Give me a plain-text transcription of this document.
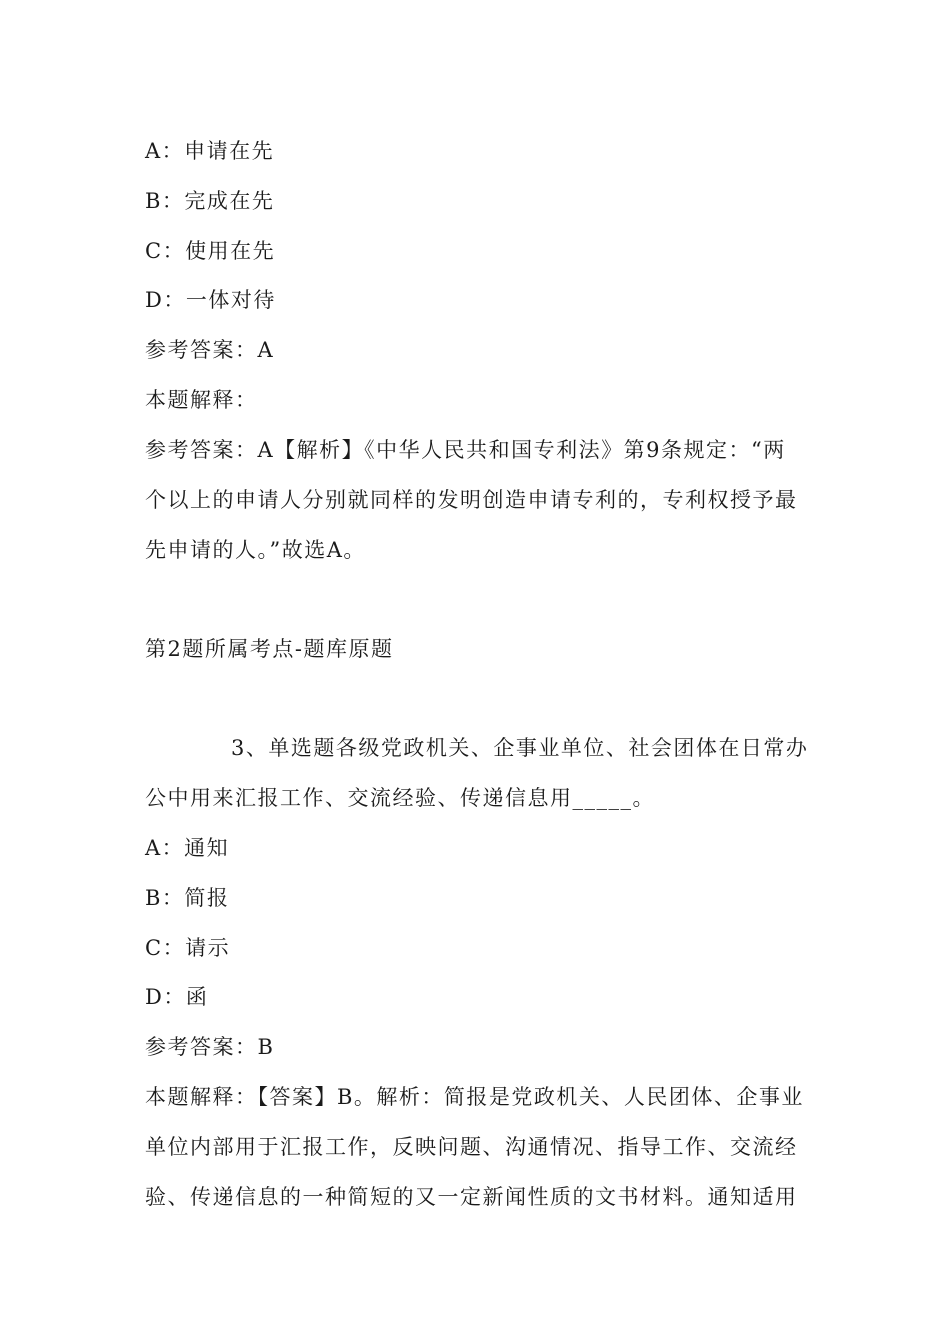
A：申请在先
B：完成在先
C：使用在先
D：一体对待
参考答案：A
本题解释：
参考答案：A【解析】《中华人民共和国专利法》第9条规定：“两
个以上的申请人分别就同样的发明创造申请专利的，专利权授予最
先申请的人。”故选A。
第2题所属考点-题库原题
3、单选题各级党政机关、企事业单位、社会团体在日常办
公中用来汇报工作、交流经验、传递信息用_____。
A：通知
B：简报
C：请示
D：函
参考答案：B
本题解释：【答案】B。解析：简报是党政机关、人民团体、企事业
单位内部用于汇报工作，反映问题、沟通情况、指导工作、交流经
验、传递信息的一种简短的又一定新闻性质的文书材料。通知适用
